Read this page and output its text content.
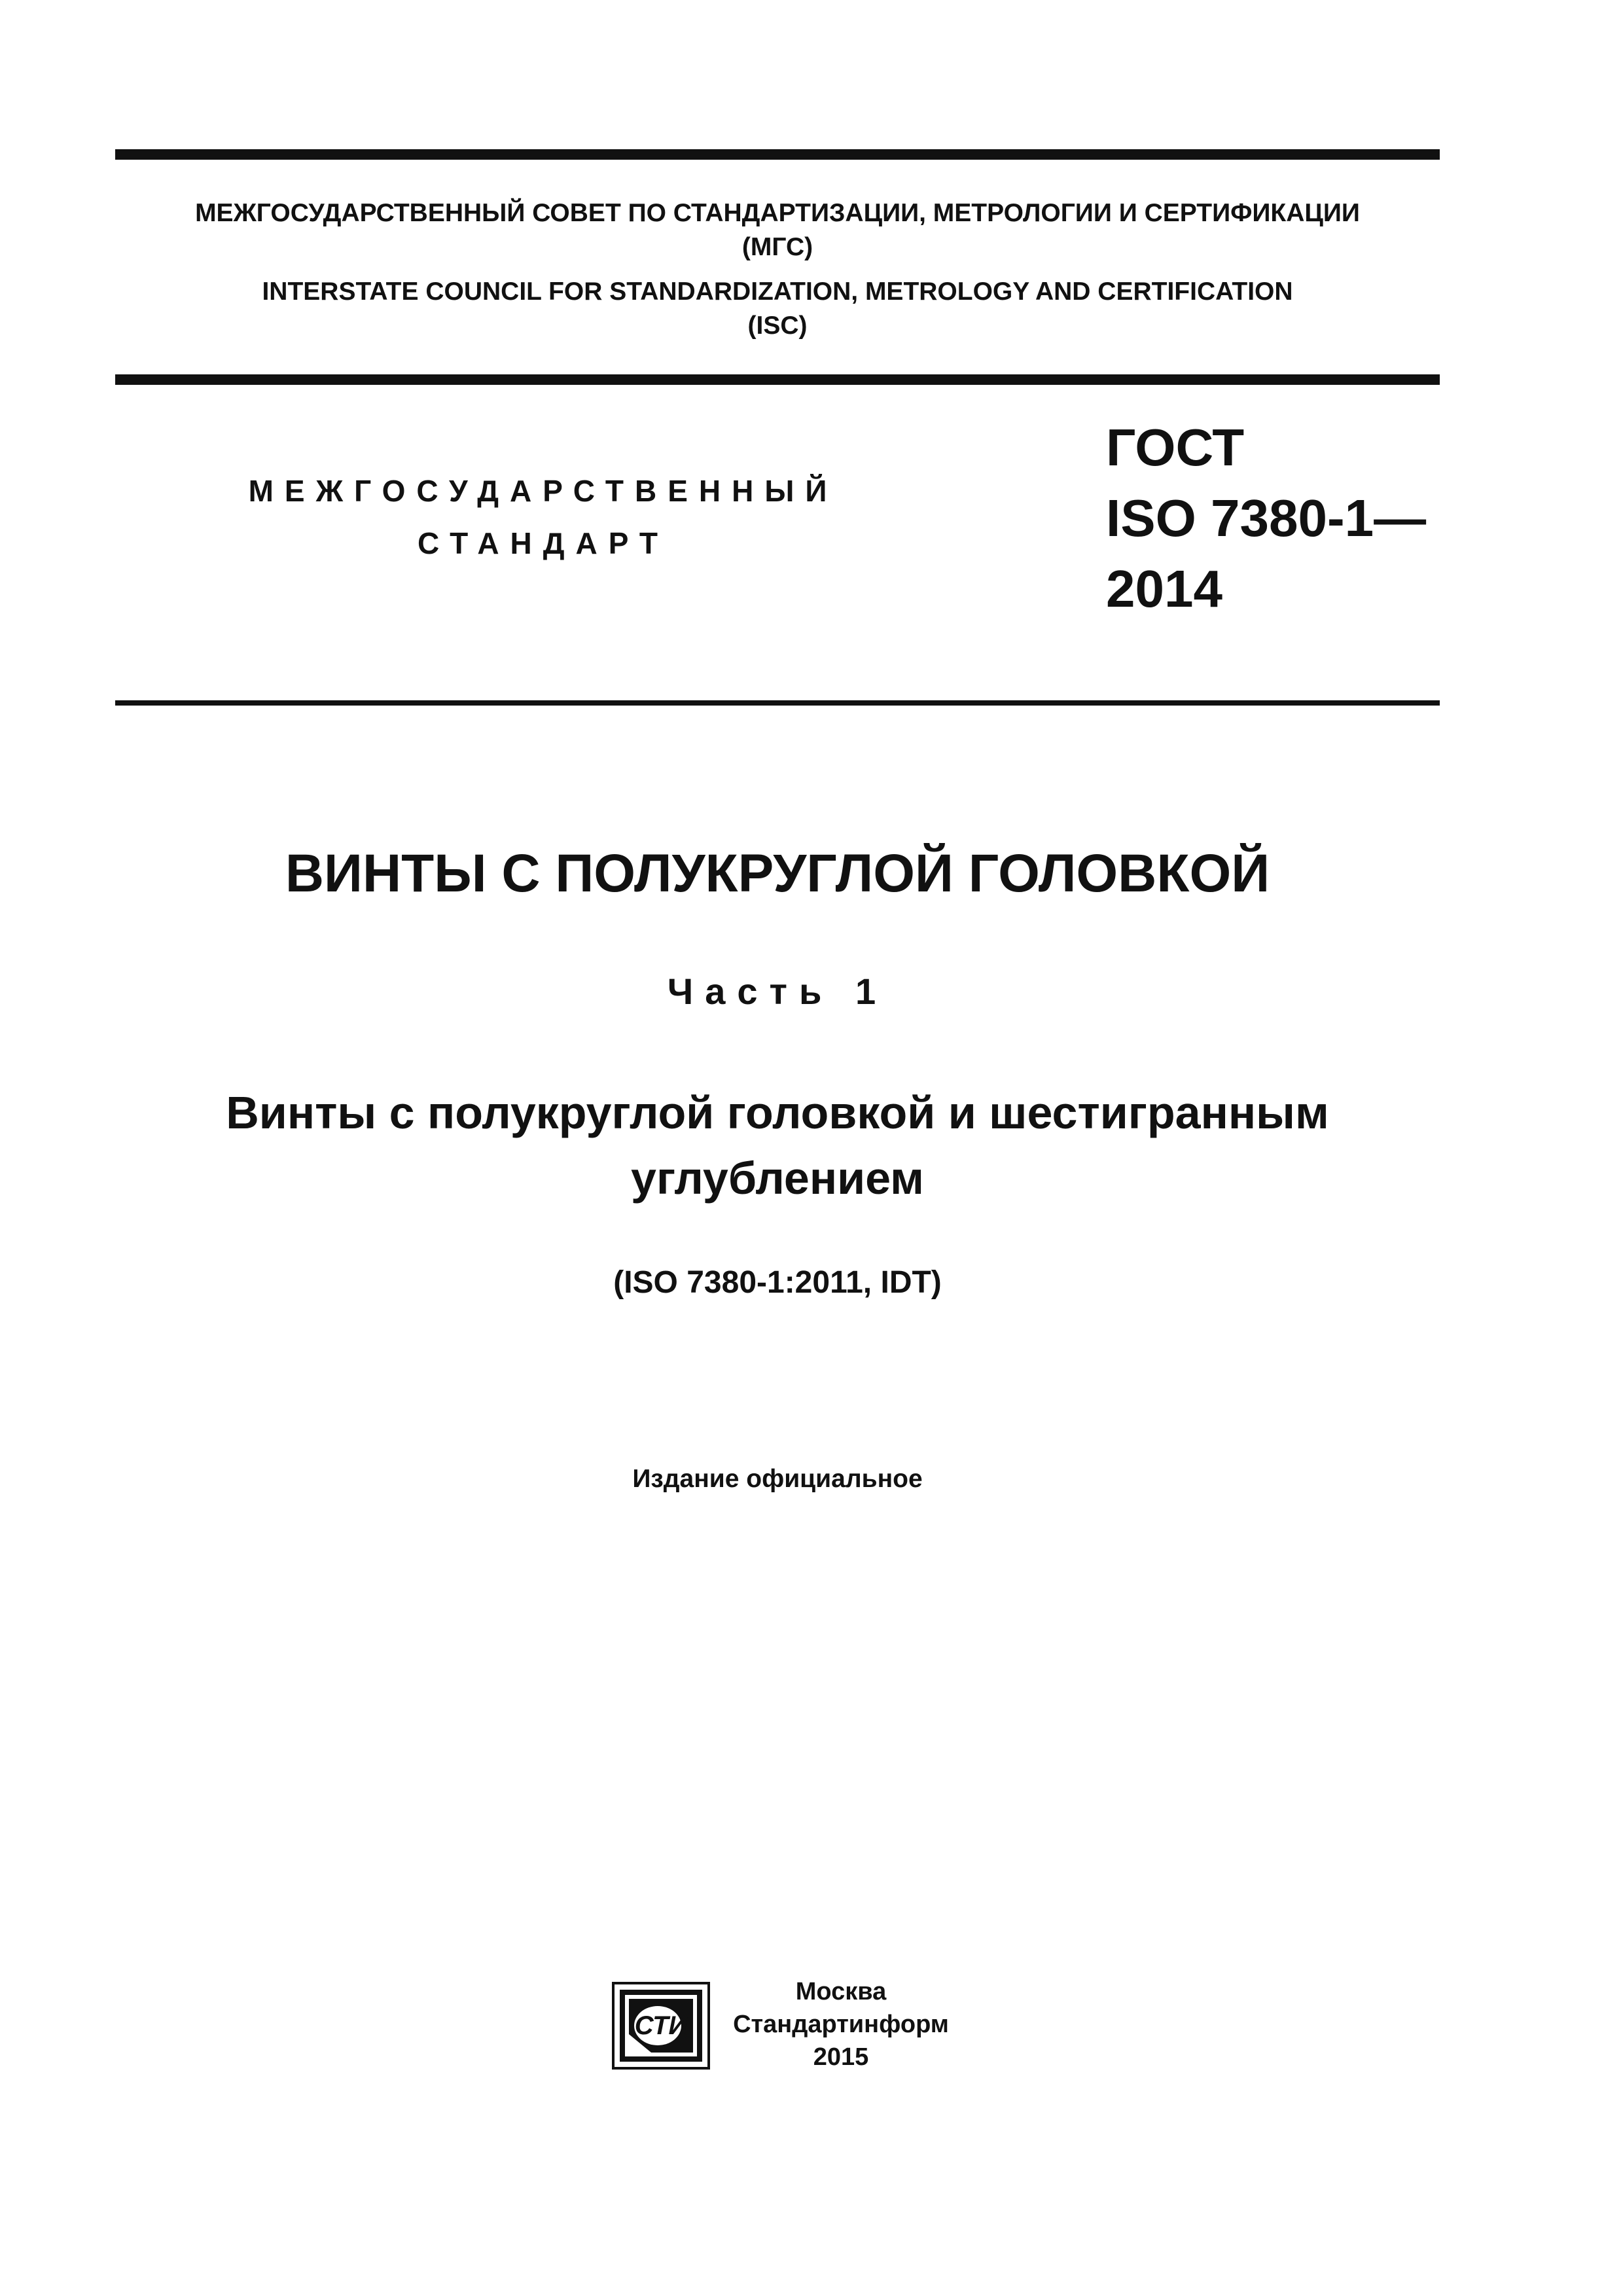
МЕЖГОСУДАРСТВЕННЫЙ СОВЕТ ПО СТАНДАРТИЗАЦИИ, МЕТРОЛОГИИ И СЕРТИФИКАЦИИ
(МГС)
INTERSTATE COUNCIL FOR STANDARDIZATION, METROLOGY AND CERTIFICATION
(ISC)
МЕЖГОСУДАРСТВЕННЫЙ
СТАНДАРТ
ГОСТ
ISO 7380-1—
2014
ВИНТЫ С ПОЛУКРУГЛОЙ ГОЛОВКОЙ
Часть 1
Винты с полукруглой головкой и шестигранным
углублением
(ISO 7380-1:2011, IDT)
Издание официальное
СТИ
Москва
Стандартинформ
2015
